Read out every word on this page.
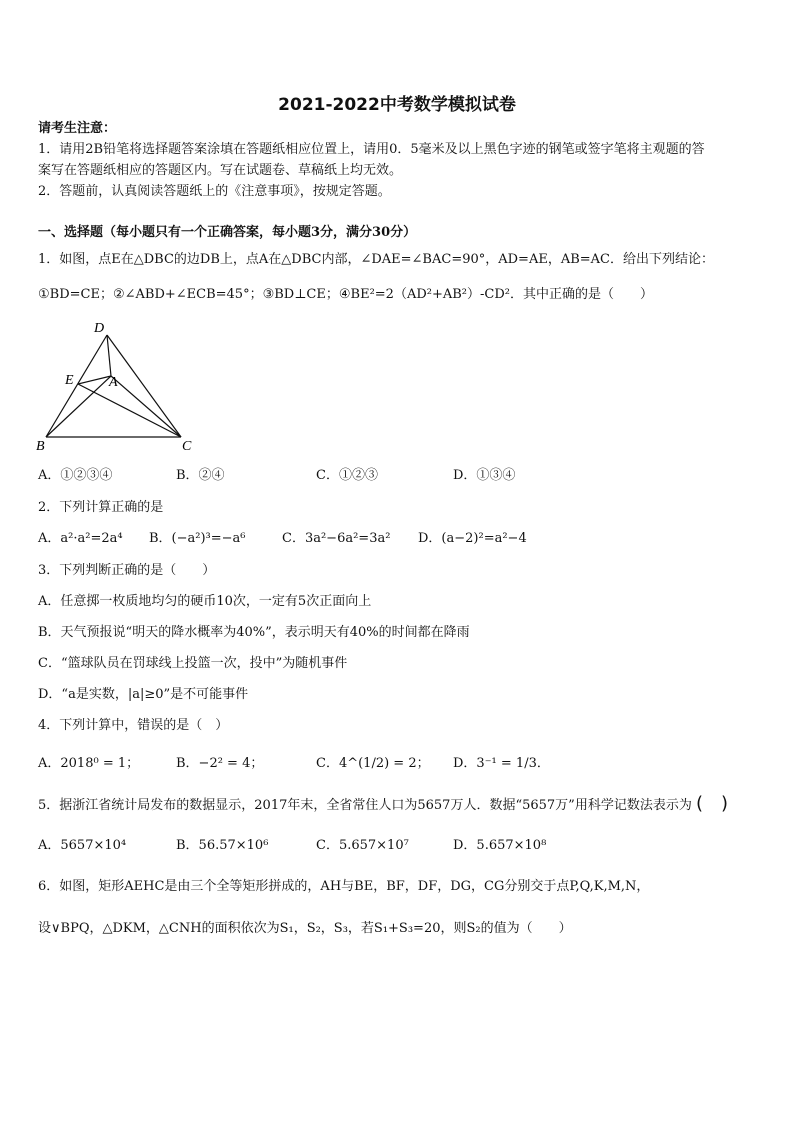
2021-2022中考数学模拟试卷
请考生注意：
1．请用2B铅笔将选择题答案涂填在答题纸相应位置上，请用0．5毫米及以上黑色字迹的钢笔或签字笔将主观题的答
案写在答题纸相应的答题区内。写在试题卷、草稿纸上均无效。
2．答题前，认真阅读答题纸上的《注意事项》，按规定答题。
一、选择题（每小题只有一个正确答案，每小题3分，满分30分）
1．如图，点E在△DBC的边DB上，点A在△DBC内部，∠DAE=∠BAC=90°，AD=AE，AB=AC．给出下列结论：
①BD=CE；②∠ABD+∠ECB=45°；③BD⊥CE；④BE²=2（AD²+AB²）-CD²．其中正确的是（　　）
D
E	A
B	C
A．①②③④	B．②④	C．①②③	D．①③④
2．下列计算正确的是
A．a²·a²=2a⁴ B．(−a²)³=−a⁶	C．3a²−6a²=3a² D．(a−2)²=a²−4
3．下列判断正确的是（　　）
A．任意掷一枚质地均匀的硬币10次，一定有5次正面向上
B．天气预报说“明天的降水概率为40%”，表示明天有40%的时间都在降雨
C．“篮球队员在罚球线上投篮一次，投中”为随机事件
D．“a是实数，|a|≥0”是不可能事件
4．下列计算中，错误的是（　）
A．2018⁰ = 1；	B．−2² = 4；	C．4^(1/2) = 2； D．3⁻¹ = 1/3．
5．据浙江省统计局发布的数据显示，2017年末，全省常住人口为5657万人．数据“5657万”用科学记数法表示为 (　)
A．5657×10⁴	B．56.57×10⁶	C．5.657×10⁷	D．5.657×10⁸
6．如图，矩形AEHC是由三个全等矩形拼成的，AH与BE，BF，DF，DG，CG分别交于点P,Q,K,M,N，
设∨BPQ，△DKM，△CNH的面积依次为S₁，S₂，S₃，若S₁+S₃=20，则S₂的值为（　　）
